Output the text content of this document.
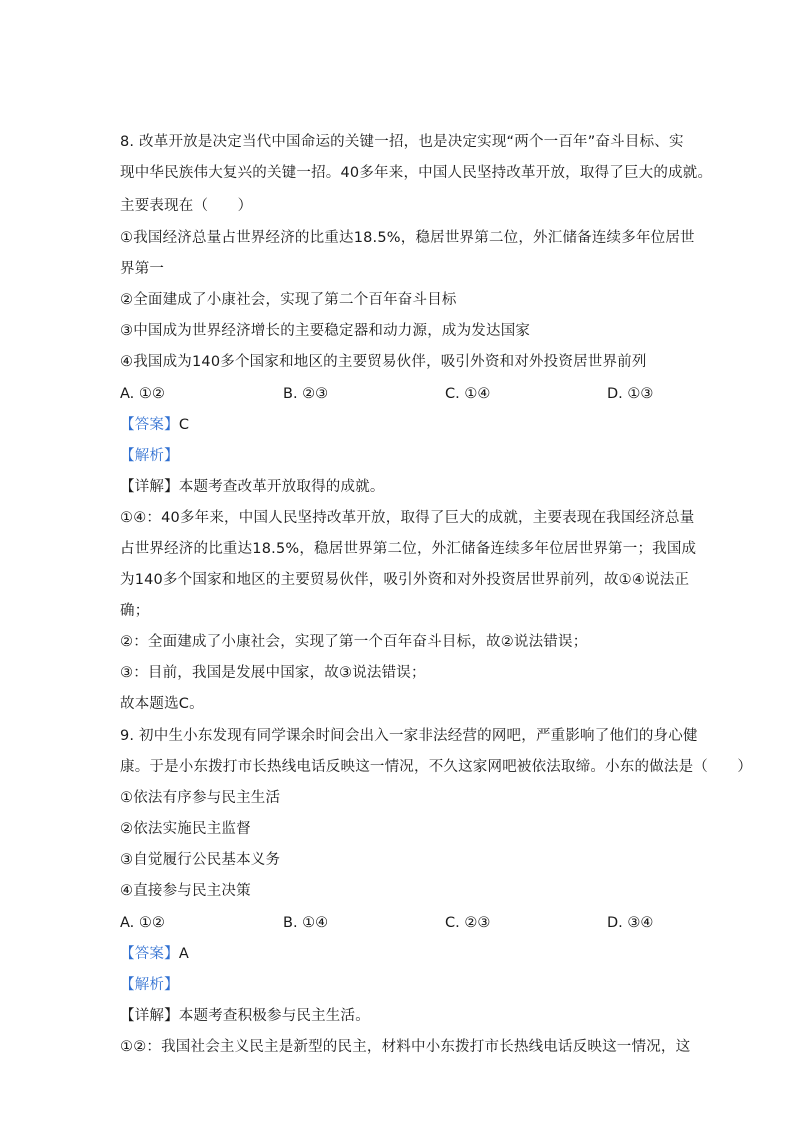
8. 改革开放是决定当代中国命运的关键一招，也是决定实现“两个一百年”奋斗目标、实
现中华民族伟大复兴的关键一招。40多年来，中国人民坚持改革开放，取得了巨大的成就。
主要表现在（　　）
①我国经济总量占世界经济的比重达18.5%，稳居世界第二位，外汇储备连续多年位居世
界第一
②全面建成了小康社会，实现了第二个百年奋斗目标
③中国成为世界经济增长的主要稳定器和动力源，成为发达国家
④我国成为140多个国家和地区的主要贸易伙伴，吸引外资和对外投资居世界前列
A. ①②	B. ②③	C. ①④	D. ①③
【答案】C
【解析】
【详解】本题考查改革开放取得的成就。
①④：40多年来，中国人民坚持改革开放，取得了巨大的成就，主要表现在我国经济总量
占世界经济的比重达18.5%，稳居世界第二位，外汇储备连续多年位居世界第一；我国成
为140多个国家和地区的主要贸易伙伴，吸引外资和对外投资居世界前列，故①④说法正
确；
②：全面建成了小康社会，实现了第一个百年奋斗目标，故②说法错误；
③：目前，我国是发展中国家，故③说法错误；
故本题选C。
9. 初中生小东发现有同学课余时间会出入一家非法经营的网吧，严重影响了他们的身心健
康。于是小东拨打市长热线电话反映这一情况，不久这家网吧被依法取缔。小东的做法是（　　）
①依法有序参与民主生活
②依法实施民主监督
③自觉履行公民基本义务
④直接参与民主决策
A. ①②	B. ①④	C. ②③	D. ③④
【答案】A
【解析】
【详解】本题考查积极参与民主生活。
①②：我国社会主义民主是新型的民主，材料中小东拨打市长热线电话反映这一情况，这
